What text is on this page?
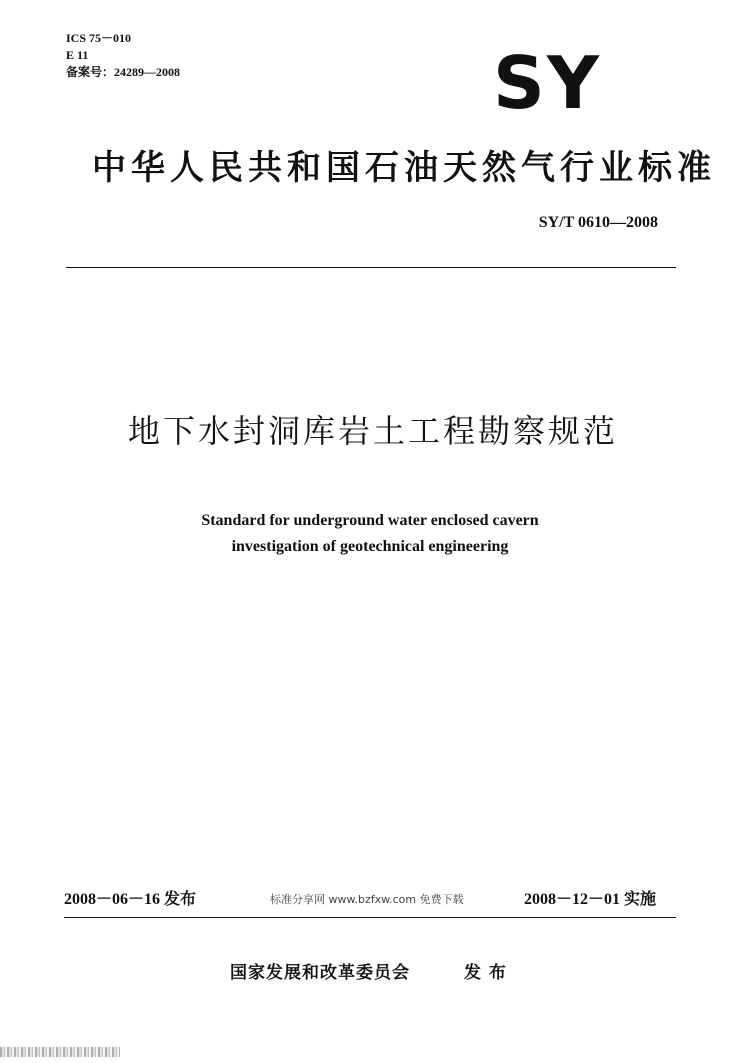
ICS 75－010
E 11
备案号：24289—2008	SY
中华人民共和国石油天然气行业标准
SY/T 0610—2008
地下水封洞库岩土工程勘察规范
Standard for underground water enclosed cavern
investigation of geotechnical engineering
2008－06－16 发布	标准分享网 www.bzfxw.com 免费下载	2008－12－01 实施
国家发展和改革委员会	发 布
